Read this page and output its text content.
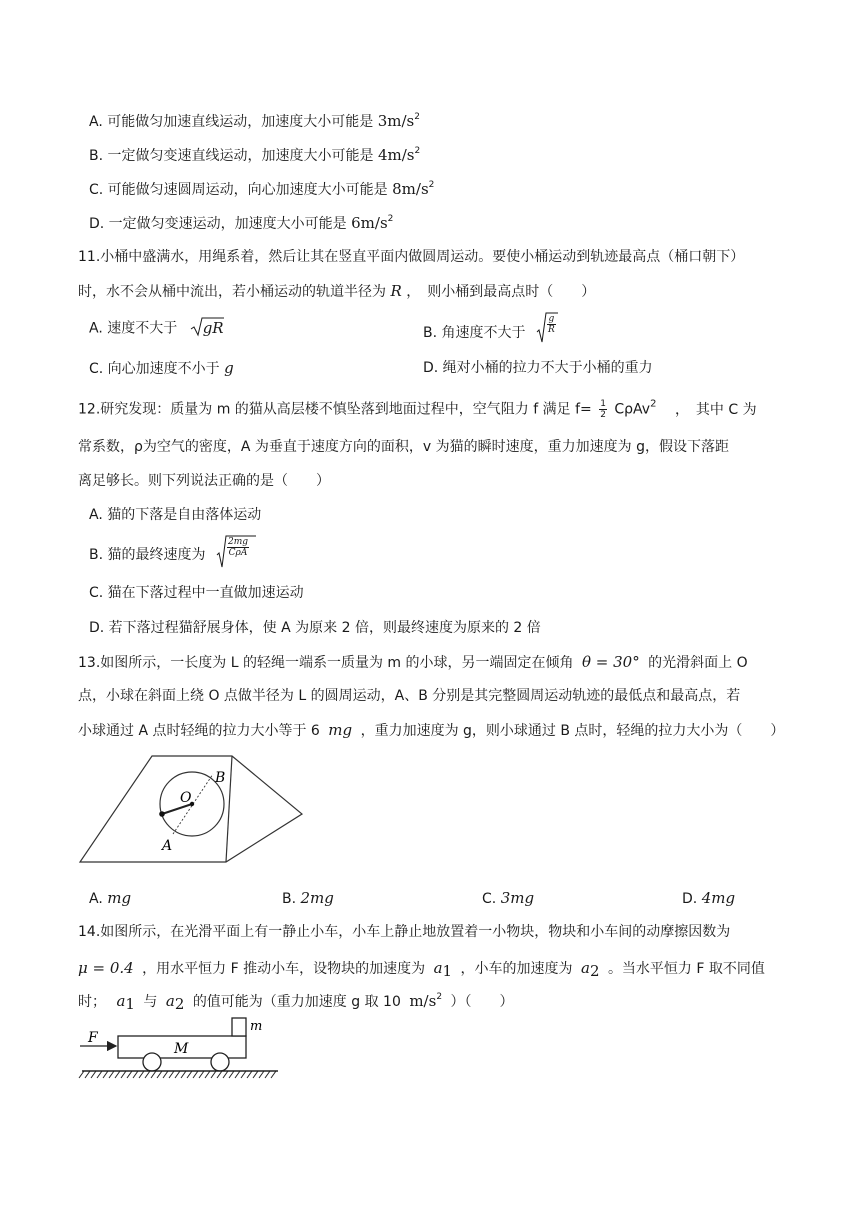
A. 可能做匀加速直线运动，加速度大小可能是 $3m/s^2$
B. 一定做匀变速直线运动，加速度大小可能是 $4m/s^2$
C. 可能做匀速圆周运动，向心加速度大小可能是 $8m/s^2$
D. 一定做匀变速运动，加速度大小可能是 $6m/s^2$
11.小桶中盛满水，用绳系着，然后让其在竖直平面内做圆周运动。要使小桶运动到轨迹最高点（桶口朝下）
时，水不会从桶中流出，若小桶运动的轨道半径为 R ，　则小桶到最高点时（　　）
A. 速度不大于 gR	B. 角速度不大于 $\frac{g}{R}$
C. 向心加速度不小于 g	D. 绳对小桶的拉力不大于小桶的重力
12.研究发现：质量为 m 的猫从高层楼不慎坠落到地面过程中，空气阻力 f 满足 $f= \frac{1}{2} C\rho Av^2$ ，　其中 C 为
常系数，ρ为空气的密度，A 为垂直于速度方向的面积，v 为猫的瞬时速度，重力加速度为 g，假设下落距
离足够长。则下列说法正确的是（　　）
A. 猫的下落是自由落体运动
B. 猫的最终速度为
2mg
CρA
C. 猫在下落过程中一直做加速运动
D. 若下落过程猫舒展身体，使 A 为原来 2 倍，则最终速度为原来的 2 倍
13.如图所示，一长度为 L 的轻绳一端系一质量为 m 的小球，另一端固定在倾角 θ = 30° 的光滑斜面上 O
点，小球在斜面上绕 O 点做半径为 L 的圆周运动，A、B 分别是其完整圆周运动轨迹的最低点和最高点，若
小球通过 A 点时轻绳的拉力大小等于 6 mg ，重力加速度为 g，则小球通过 B 点时，轻绳的拉力大小为（　　）
B
O
A
A. mg	B. 2mg	C. 3mg	D. 4mg
14.如图所示，在光滑平面上有一静止小车，小车上静止地放置着一小物块，物块和小车间的动摩擦因数为
μ = 0.4 ，用水平恒力 F 推动小车，设物块的加速度为 $a_1$ ，小车的加速度为 $a_2$ 。当水平恒力 F 取不同值
时； $a_1$ 与 $a_2$ 的值可能为（重力加速度 g 取 10 $m/s^2$ ）（　　）
F
m
M
